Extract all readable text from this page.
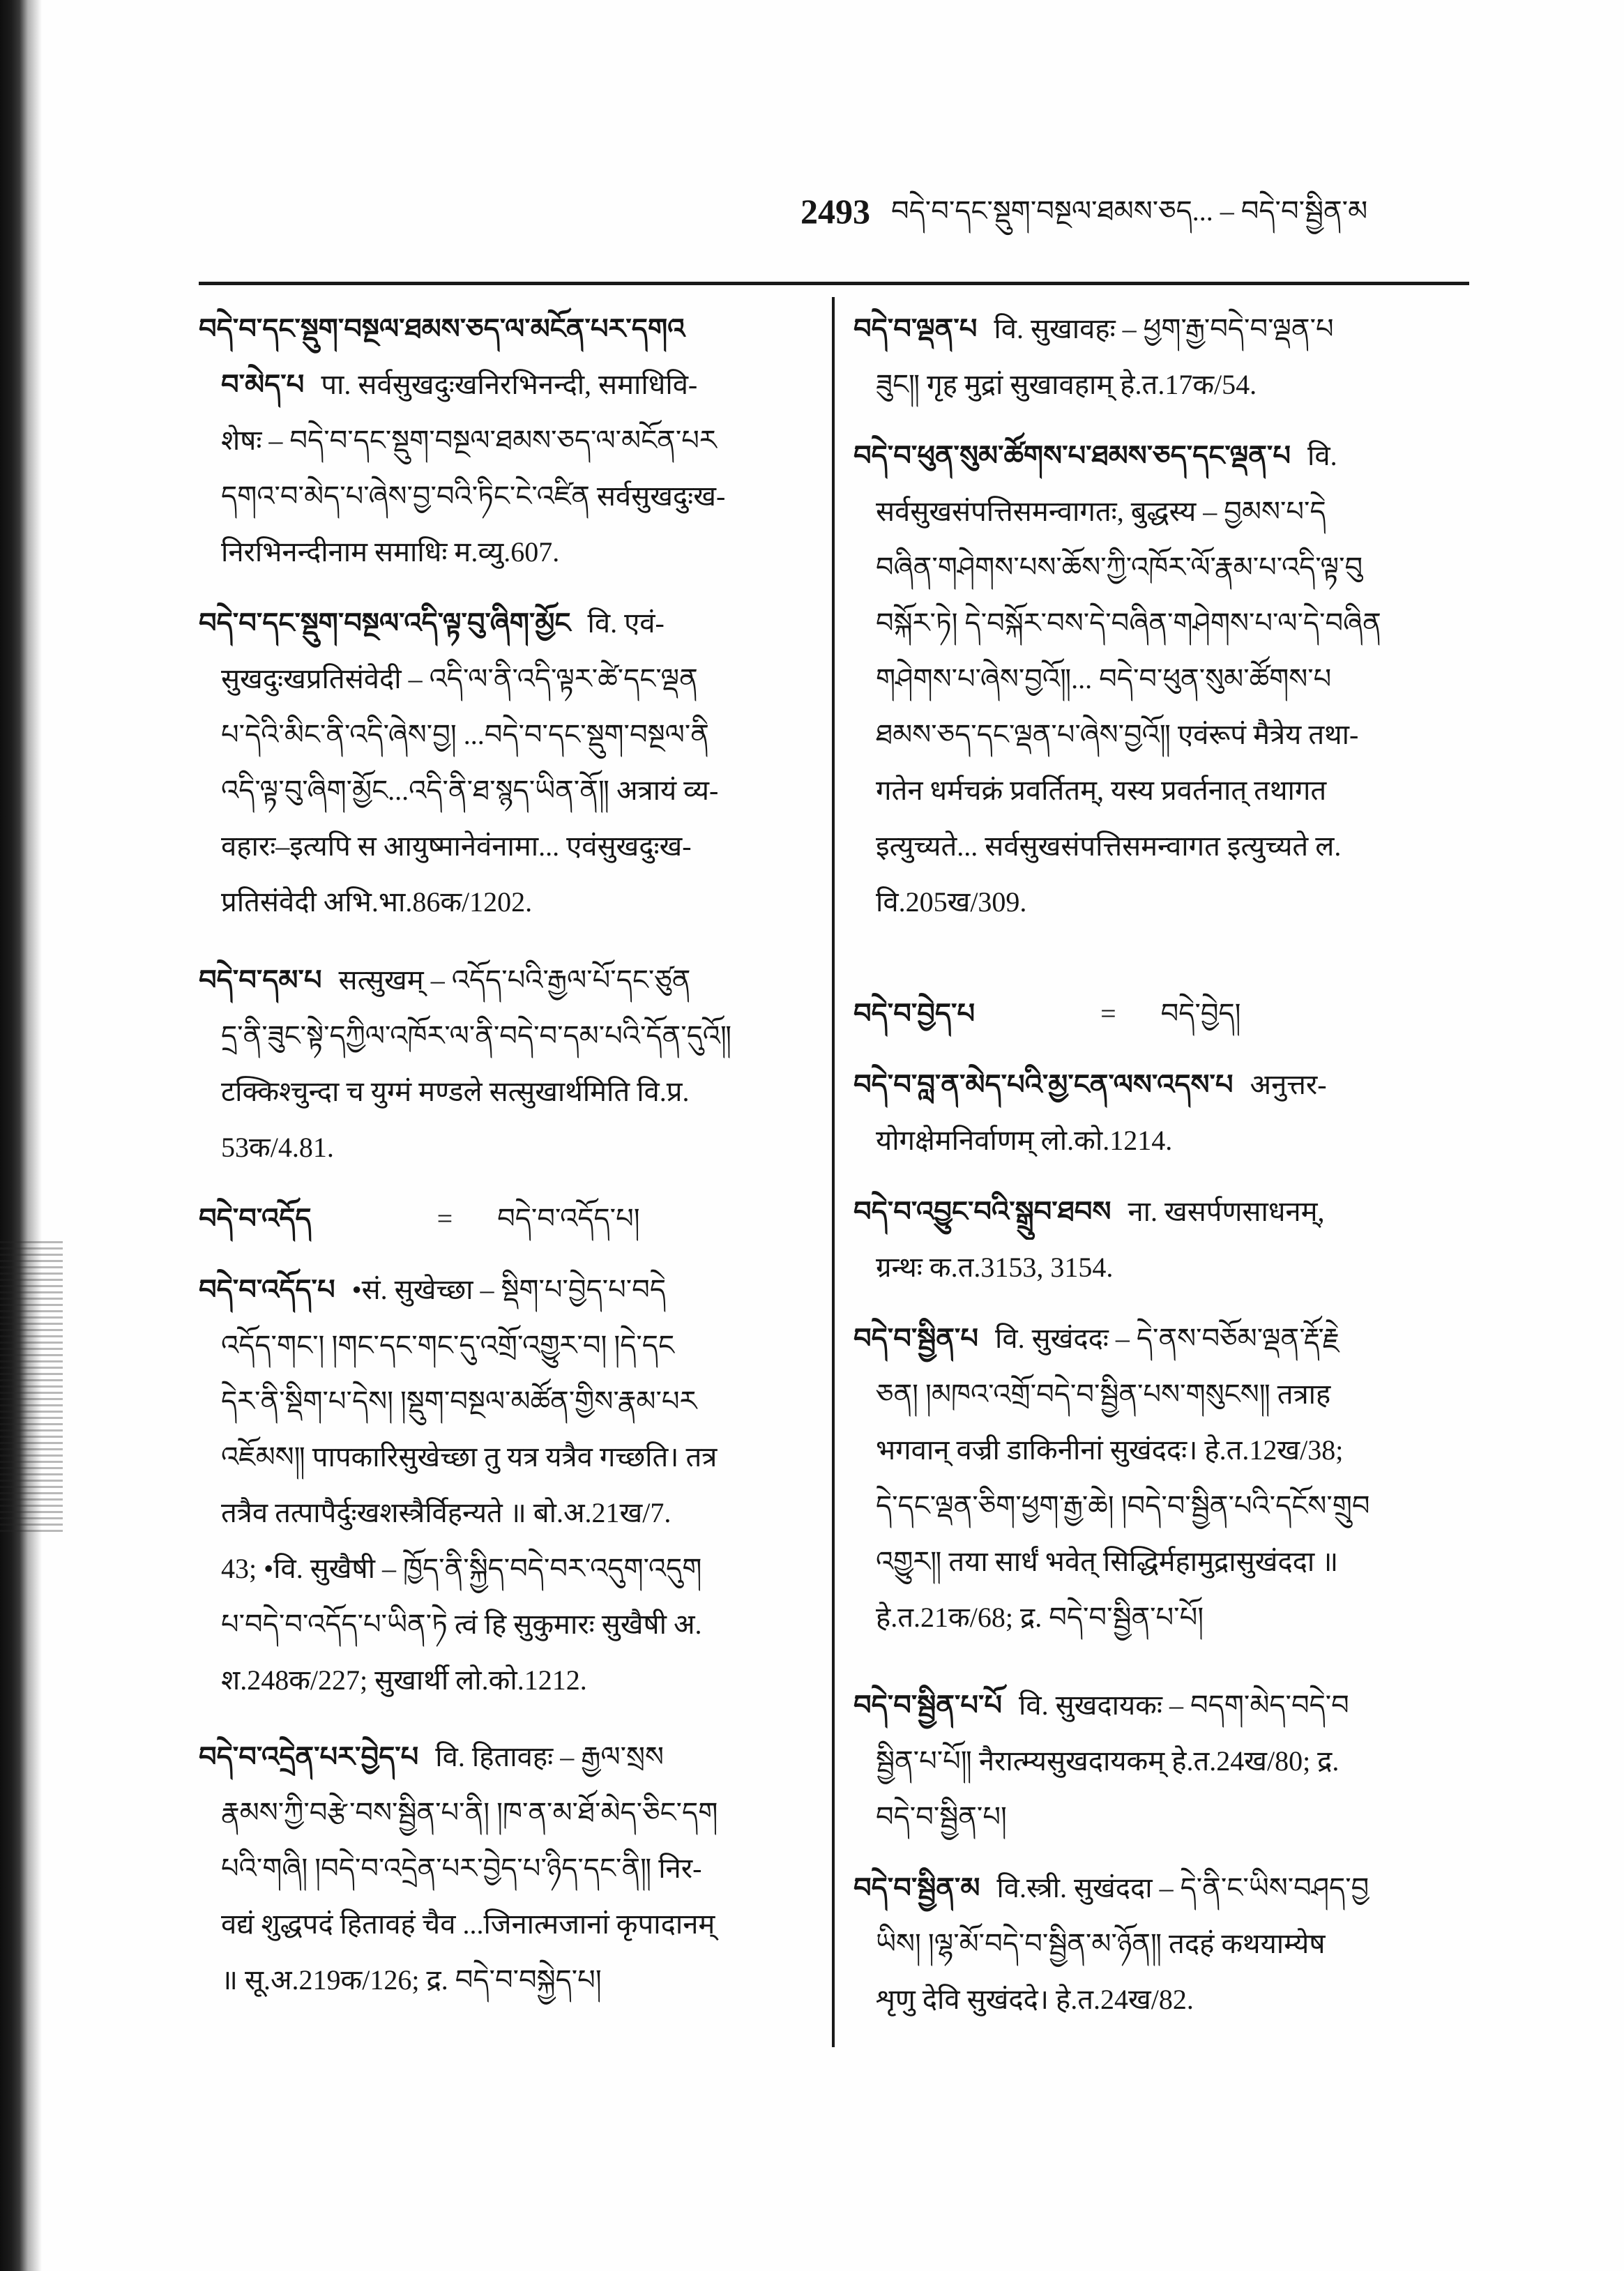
2493 བདེ་བ་དང་སྡུག་བསྔལ་ཐམས་ཅད... – བདེ་བ་སྦྱིན་མ
བདེ་བ་དང་སྡུག་བསྔལ་ཐམས་ཅད་ལ་མངོན་པར་དགའ
བ་མེད་པ पा. सर्वसुखदुःखनिरभिनन्दी, समाधिवि-
शेषः – བདེ་བ་དང་སྡུག་བསྔལ་ཐམས་ཅད་ལ་མངོན་པར
དགའ་བ་མེད་པ་ཞེས་བྱ་བའི་ཏིང་ངེ་འཛིན सर्वसुखदुःख-
निरभिनन्दीनाम समाधिः म.व्यु.607.
བདེ་བ་དང་སྡུག་བསྔལ་འདི་ལྟ་བུ་ཞིག་མྱོང वि. एवं-
सुखदुःखप्रतिसंवेदी – འདི་ལ་ནི་འདི་ལྟར་ཚེ་དང་ལྡན
པ་དེའི་མིང་ནི་འདི་ཞེས་བྱ། ...བདེ་བ་དང་སྡུག་བསྔལ་ནི
འདི་ལྟ་བུ་ཞིག་མྱོང...འདི་ནི་ཐ་སྙད་ཡིན་ནོ༎ अत्रायं व्य-
वहारः–इत्यपि स आयुष्मानेवंनामा... एवंसुखदुःख-
प्रतिसंवेदी अभि.भा.86क/1202.
བདེ་བ་དམ་པ सत्सुखम् – འདོད་པའི་རྒྱལ་པོ་དང་ཙུན
དྲ་ནི་ཟུང་སྟེ་དཀྱིལ་འཁོར་ལ་ནི་བདེ་བ་དམ་པའི་དོན་དུའོ༎
टक्किश्चुन्दा च युग्मं मण्डले सत्सुखार्थमिति वि.प्र.
53क/4.81.
བདེ་བ་འདོད	= བདེ་བ་འདོད་པ།
བདེ་བ་འདོད་པ •सं. सुखेच्छा – སྡིག་པ་བྱེད་པ་བདེ
འདོད་གང་། །གང་དང་གང་དུ་འགྲོ་འགྱུར་བ། །དེ་དང
དེར་ནི་སྡིག་པ་དེས། །སྡུག་བསྔལ་མཚོན་གྱིས་རྣམ་པར
འཇོམས༎ पापकारिसुखेच्छा तु यत्र यत्रैव गच्छति। तत्र
तत्रैव तत्पापैर्दुःखशस्त्रैर्विहन्यते ॥ बो.अ.21ख/7.
43; •वि. सुखैषी – ཁྱོད་ནི་སྐྱིད་བདེ་བར་འདུག་འདུག
པ་བདེ་བ་འདོད་པ་ཡིན་ཏེ त्वं हि सुकुमारः सुखैषी अ.
श.248क/227; सुखार्थी लो.को.1212.
བདེ་བ་འདྲེན་པར་བྱེད་པ वि. हितावहः – རྒྱལ་སྲས
རྣམས་ཀྱི་བརྩེ་བས་སྦྱིན་པ་ནི། །ཁ་ན་མ་ཐོ་མེད་ཅིང་དག
པའི་གཞི། །བདེ་བ་འདྲེན་པར་བྱེད་པ་ཉིད་དང་ནི༎ निर-
वद्यं शुद्धपदं हितावहं चैव ...जिनात्मजानां कृपादानम्
॥ सू.अ.219क/126; द्र. བདེ་བ་བསྐྱེད་པ།
བདེ་བ་ལྡན་པ वि. सुखावहः – ཕྱག་རྒྱ་བདེ་བ་ལྡན་པ
ཟུང༎ गृह मुद्रां सुखावहाम् हे.त.17क/54.
བདེ་བ་ཕུན་སུམ་ཚོགས་པ་ཐམས་ཅད་དང་ལྡན་པ वि.
सर्वसुखसंपत्तिसमन्वागतः, बुद्धस्य – བྱམས་པ་དེ
བཞིན་གཤེགས་པས་ཆོས་ཀྱི་འཁོར་ལོ་རྣམ་པ་འདི་ལྟ་བུ
བསྐོར་ཏེ། དེ་བསྐོར་བས་དེ་བཞིན་གཤེགས་པ་ལ་དེ་བཞིན
གཤེགས་པ་ཞེས་བྱའོ༎... བདེ་བ་ཕུན་སུམ་ཚོགས་པ
ཐམས་ཅད་དང་ལྡན་པ་ཞེས་བྱའོ༎ एवंरूपं मैत्रेय तथा-
गतेन धर्मचक्रं प्रवर्तितम्, यस्य प्रवर्तनात् तथागत
इत्युच्यते... सर्वसुखसंपत्तिसमन्वागत इत्युच्यते ल.
वि.205ख/309.
བདེ་བ་བྱེད་པ	= བདེ་བྱེད།
བདེ་བ་བླ་ན་མེད་པའི་མྱ་ངན་ལས་འདས་པ अनुत्तर-
योगक्षेमनिर्वाणम् लो.को.1214.
བདེ་བ་འབྱུང་བའི་སྒྲུབ་ཐབས ना. खसर्पणसाधनम्,
ग्रन्थः क.त.3153, 3154.
བདེ་བ་སྦྱིན་པ वि. सुखंददः – དེ་ནས་བཅོམ་ལྡན་རྡོ་རྗེ
ཅན། །མཁའ་འགྲོ་བདེ་བ་སྦྱིན་པས་གསུངས༎ तत्राह
भगवान् वज्री डाकिनीनां सुखंददः। हे.त.12ख/38;
དེ་དང་ལྡན་ཅིག་ཕྱག་རྒྱ་ཆེ། །བདེ་བ་སྦྱིན་པའི་དངོས་གྲུབ
འགྱུར༎ तया सार्धं भवेत् सिद्धिर्महामुद्रासुखंददा ॥
हे.त.21क/68; द्र. བདེ་བ་སྦྱིན་པ་པོ།
བདེ་བ་སྦྱིན་པ་པོ वि. सुखदायकः – བདག་མེད་བདེ་བ
སྦྱིན་པ་པོ༎ नैरात्म्यसुखदायकम् हे.त.24ख/80; द्र.
བདེ་བ་སྦྱིན་པ།
བདེ་བ་སྦྱིན་མ वि.स्त्री. सुखंददा – དེ་ནི་ང་ཡིས་བཤད་བྱ
ཡིས། །ལྷ་མོ་བདེ་བ་སྦྱིན་མ་ཉོན༎ तदहं कथयाम्येष
शृणु देवि सुखंददे। हे.त.24ख/82.
